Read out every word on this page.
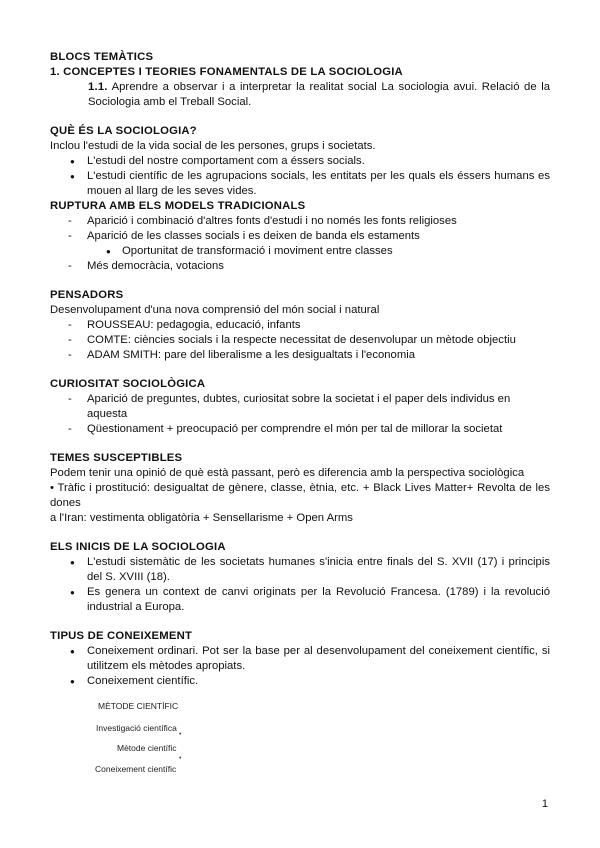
BLOCS TEMÀTICS
1. CONCEPTES I TEORIES FONAMENTALS DE LA SOCIOLOGIA
1.1. Aprendre a observar i a interpretar la realitat social La sociologia avui. Relació de la Sociologia amb el Treball Social.
QUÈ ÉS LA SOCIOLOGIA?
Inclou l'estudi de la vida social de les persones, grups i societats.
● L'estudi del nostre comportament com a éssers socials.
● L'estudi científic de les agrupacions socials, les entitats per les quals els éssers humans es mouen al llarg de les seves vides.
RUPTURA AMB ELS MODELS TRADICIONALS
- Aparició i combinació d'altres fonts d'estudi i no només les fonts religioses
- Aparició de les classes socials i es deixen de banda els estaments
● Oportunitat de transformació i moviment entre classes
- Més democràcia, votacions
PENSADORS
Desenvolupament d'una nova comprensió del món social i natural
- ROUSSEAU: pedagogia, educació, infants
- COMTE: ciències socials i la respecte necessitat de desenvolupar un mètode objectiu
- ADAM SMITH: pare del liberalisme a les desigualtats i l'economia
CURIOSITAT SOCIOLÒGICA
- Aparició de preguntes, dubtes, curiositat sobre la societat i el paper dels individus en aquesta
- Qüestionament + preocupació per comprendre el món per tal de millorar la societat
TEMES SUSCEPTIBLES
Podem tenir una opinió de què està passant, però es diferencia amb la perspectiva sociològica
• Tràfic i prostitució: desigualtat de gènere, classe, ètnia, etc. + Black Lives Matter+ Revolta de les dones
a l'Iran: vestimenta obligatòria + Sensellarisme + Open Arms
ELS INICIS DE LA SOCIOLOGIA
● L'estudi sistemàtic de les societats humanes s'inicia entre finals del S. XVII (17) i principis del S. XVIII (18).
● Es genera un context de canvi originats per la Revolució Francesa. (1789) i la revolució industrial a Europa.
TIPUS DE CONEIXEMENT
● Coneixement ordinari. Pot ser la base per al desenvolupament del coneixement científic, si utilitzem els mètodes apropiats.
● Coneixement científic.
MÈTODE CIENTÍFIC
Investigació científica
•
Mètode científic
•
Coneixement científic
1
